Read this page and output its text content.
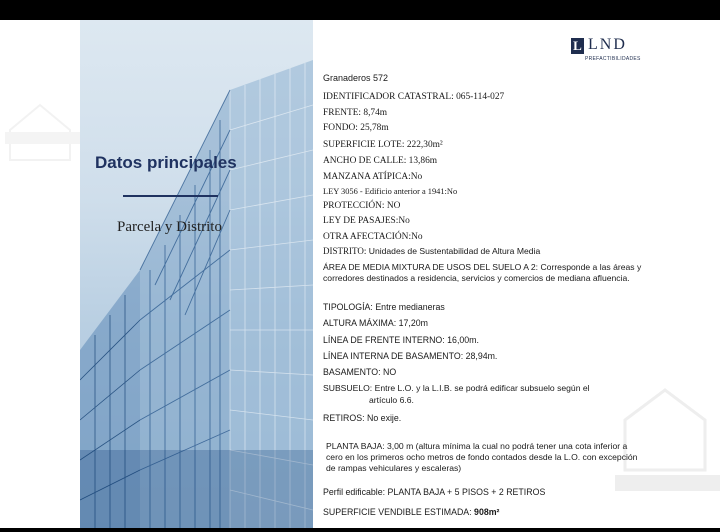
Datos principales
Parcela y Distrito
L LND
PREFACTIBILIDADES
Granaderos 572
IDENTIFICADOR CATASTRAL: 065-114-027
FRENTE: 8,74m
FONDO: 25,78m
SUPERFICIE LOTE: 222,30m²
ANCHO DE CALLE: 13,86m
MANZANA ATÍPICA:No
LEY 3056 - Edificio anterior a 1941:No
PROTECCIÓN: NO
LEY DE PASAJES:No
OTRA AFECTACIÓN:No
DISTRITO: Unidades de Sustentabilidad de Altura Media
ÁREA DE MEDIA MIXTURA DE USOS DEL SUELO A 2: Corresponde a las áreas y corredores destinados a residencia, servicios y comercios de mediana afluencia.
TIPOLOGÍA: Entre medianeras
ALTURA MÁXIMA: 17,20m
LÍNEA DE FRENTE INTERNO: 16,00m.
LÍNEA INTERNA DE BASAMENTO: 28,94m.
BASAMENTO: NO
SUBSUELO: Entre L.O. y la L.I.B. se podrá edificar subsuelo según el
artículo 6.6.
RETIROS: No exije.
PLANTA BAJA: 3,00 m (altura mínima la cual no podrá tener una cota inferior a cero en los primeros ocho metros de fondo contados desde la L.O. con excepción de rampas vehiculares y escaleras)
Perfil edificable: PLANTA BAJA + 5 PISOS + 2 RETIROS
SUPERFICIE VENDIBLE ESTIMADA: 908m²
